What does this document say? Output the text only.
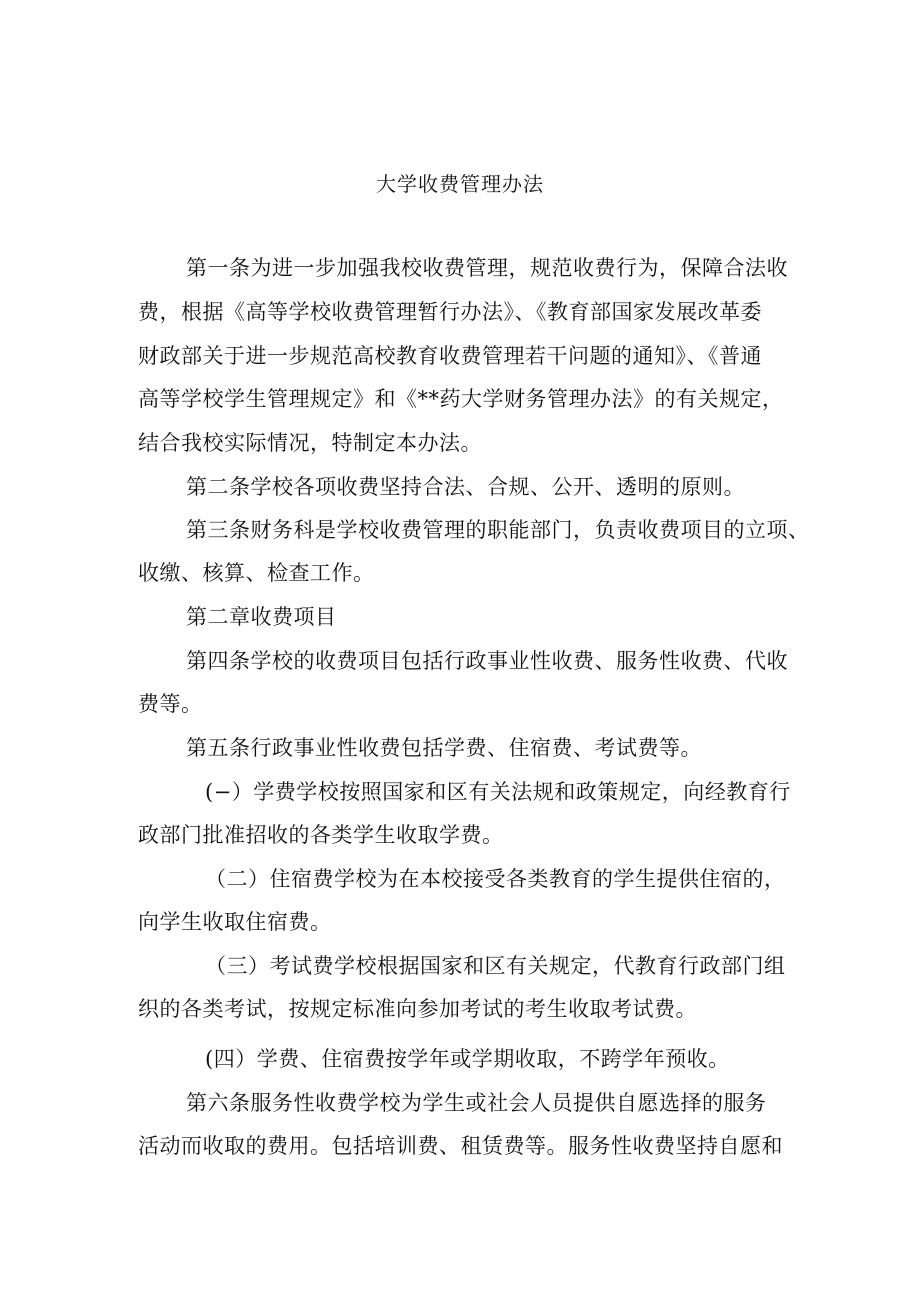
大学收费管理办法
第一条为进一步加强我校收费管理，规范收费行为，保障合法收
费，根据《高等学校收费管理暂行办法》、《教育部国家发展改革委
财政部关于进一步规范高校教育收费管理若干问题的通知》、《普通
高等学校学生管理规定》和《**药大学财务管理办法》的有关规定，
结合我校实际情况，特制定本办法。
第二条学校各项收费坚持合法、合规、公开、透明的原则。
第三条财务科是学校收费管理的职能部门，负责收费项目的立项、
收缴、核算、检查工作。
第二章收费项目
第四条学校的收费项目包括行政事业性收费、服务性收费、代收
费等。
第五条行政事业性收费包括学费、住宿费、考试费等。
(−）学费学校按照国家和区有关法规和政策规定，向经教育行
政部门批准招收的各类学生收取学费。
（二）住宿费学校为在本校接受各类教育的学生提供住宿的，
向学生收取住宿费。
（三）考试费学校根据国家和区有关规定，代教育行政部门组
织的各类考试，按规定标准向参加考试的考生收取考试费。
(四）学费、住宿费按学年或学期收取，不跨学年预收。
第六条服务性收费学校为学生或社会人员提供自愿选择的服务
活动而收取的费用。包括培训费、租赁费等。服务性收费坚持自愿和
